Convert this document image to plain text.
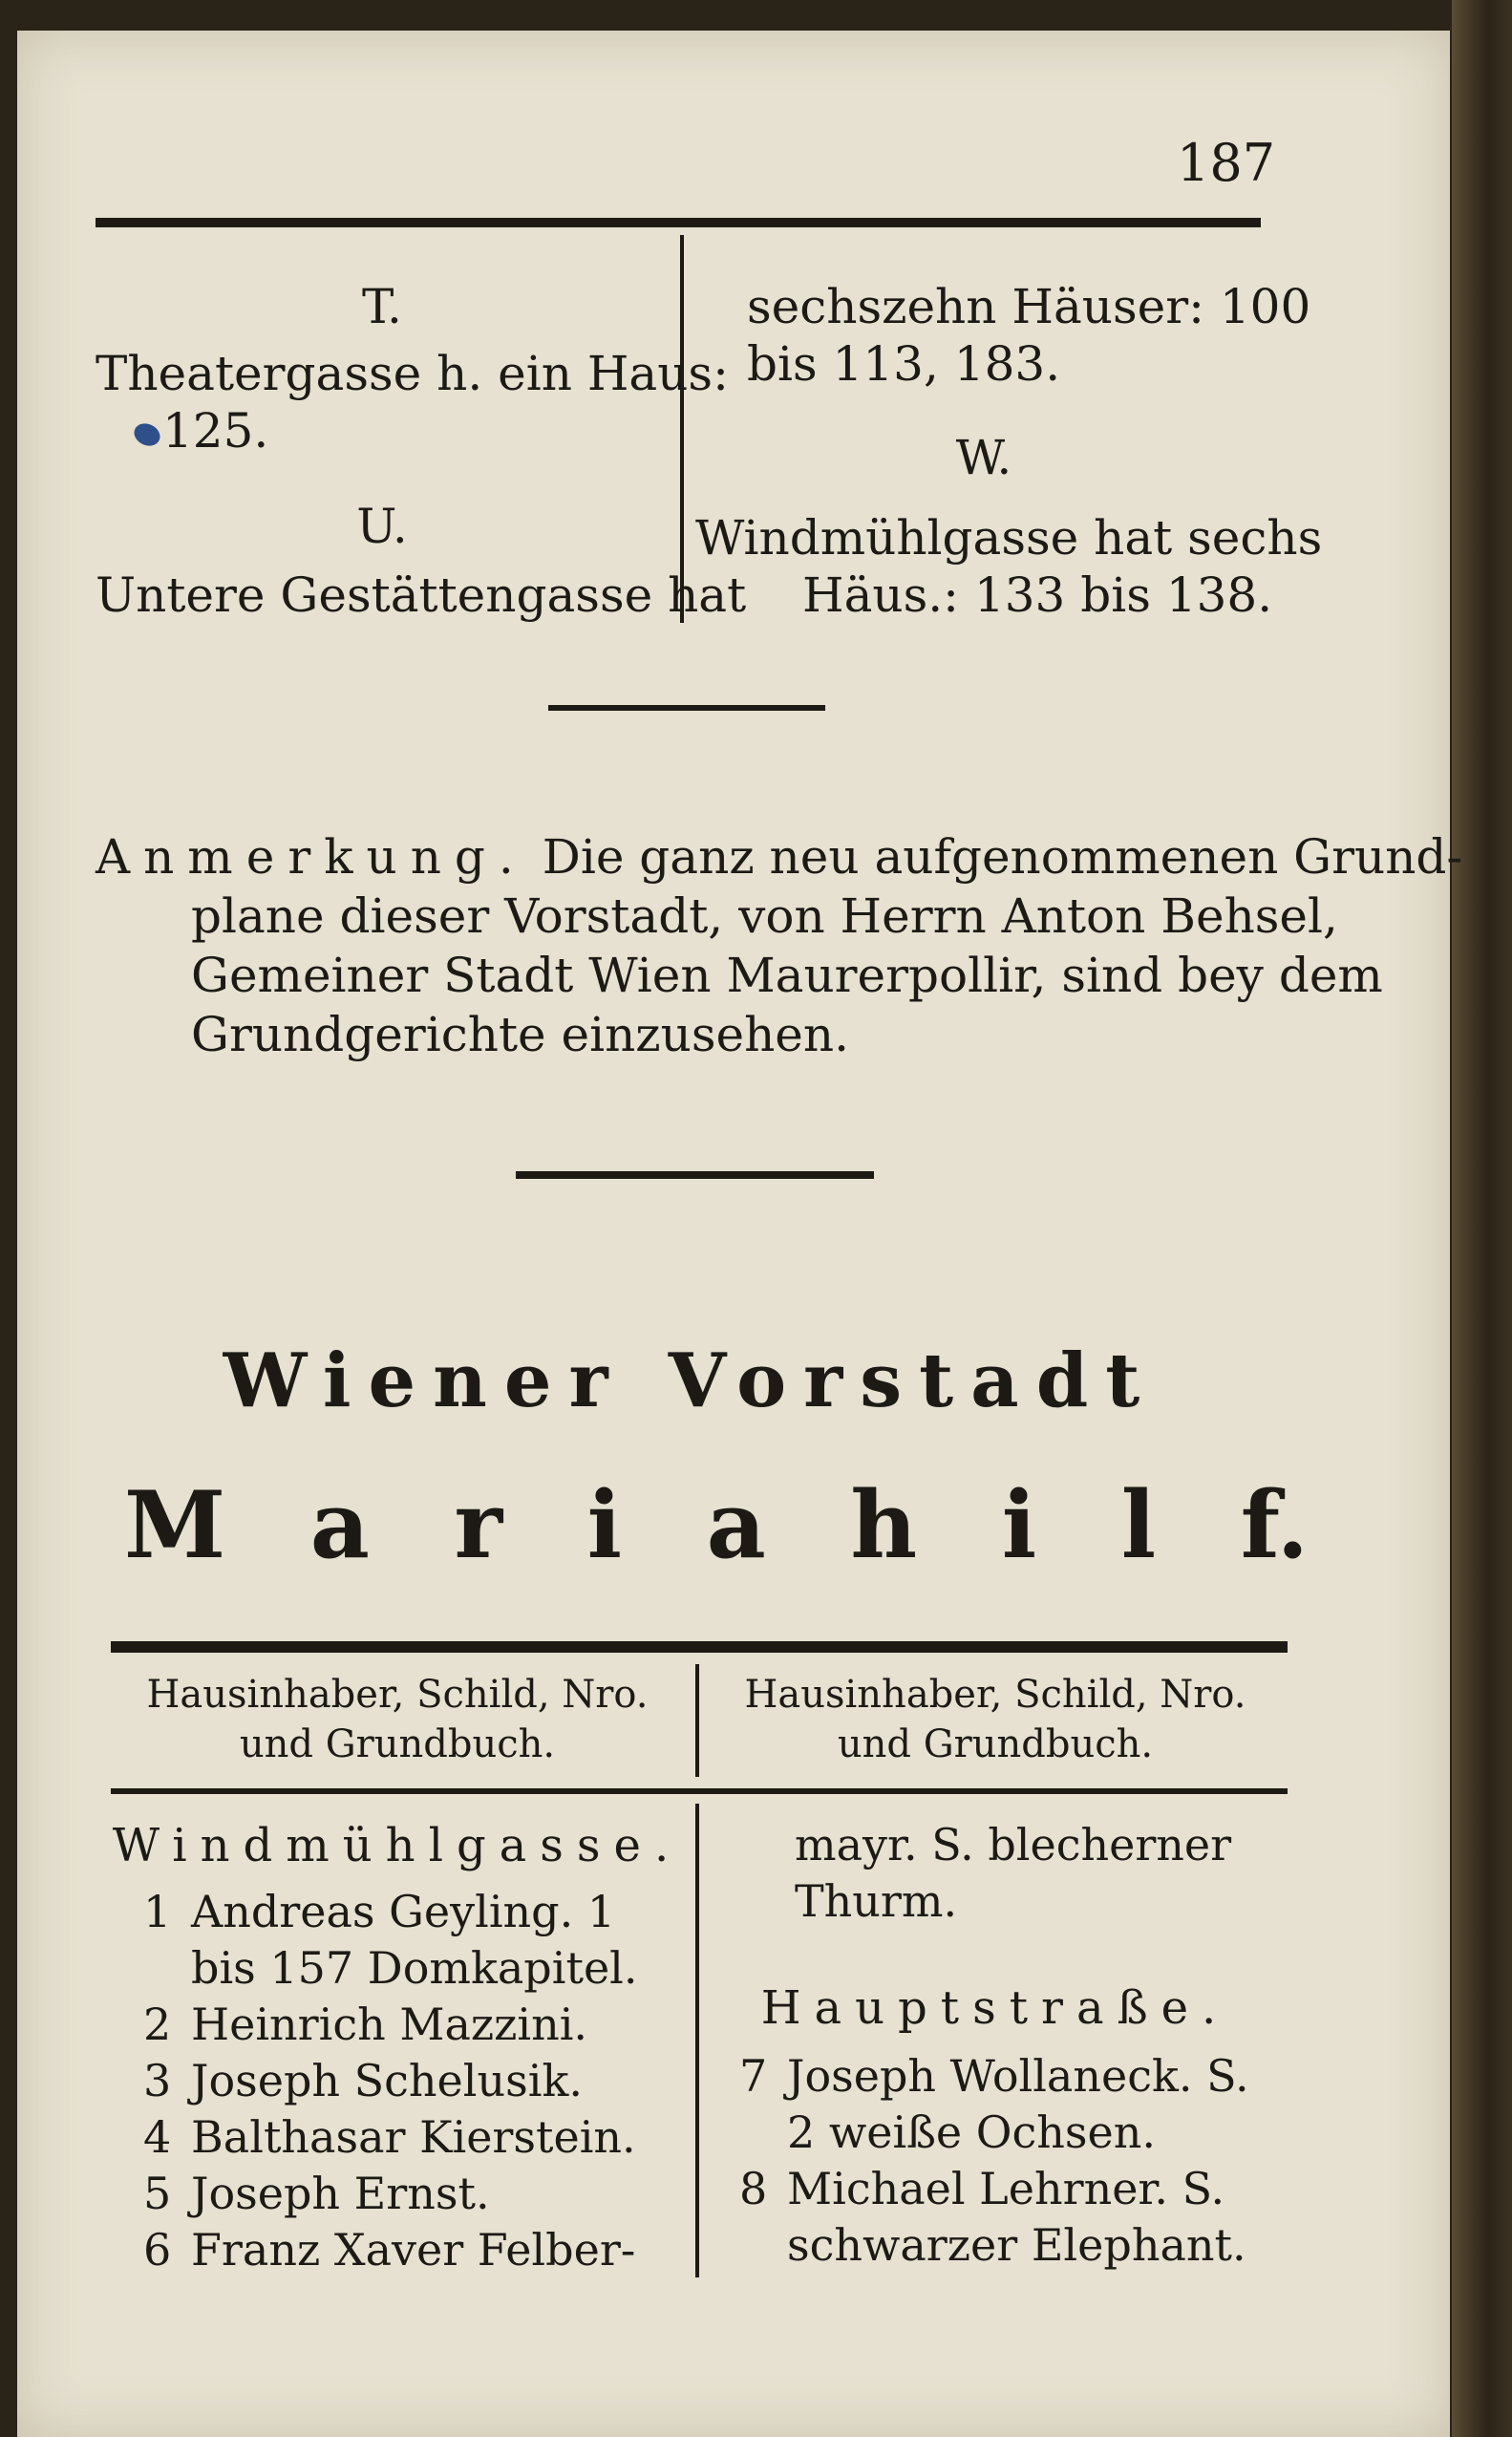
187
T.
Theatergasse h. ein Haus:
125.
U.
Untere Gestättengasse hat
sechszehn Häuser: 100
bis 113, 183.
W.
Windmühlgasse hat sechs
Häus.: 133 bis 138.
Anmerkung. Die ganz neu aufgenommenen Grund-
plane dieser Vorstadt, von Herrn Anton Behsel,
Gemeiner Stadt Wien Maurerpollir, sind bey dem
Grundgerichte einzusehen.
Wiener Vorstadt
M a r i a h i l f.
Hausinhaber, Schild, Nro.
und Grundbuch.
Hausinhaber, Schild, Nro.
und Grundbuch.
Windmühlgasse.
1 Andreas Geyling. 1
bis 157 Domkapitel.
2 Heinrich Mazzini.
3 Joseph Schelusik.
4 Balthasar Kierstein.
5 Joseph Ernst.
6 Franz Xaver Felber-
mayr. S. blecherner
Thurm.
Hauptstraße.
7 Joseph Wollaneck. S.
2 weiße Ochsen.
8 Michael Lehrner. S.
schwarzer Elephant.
